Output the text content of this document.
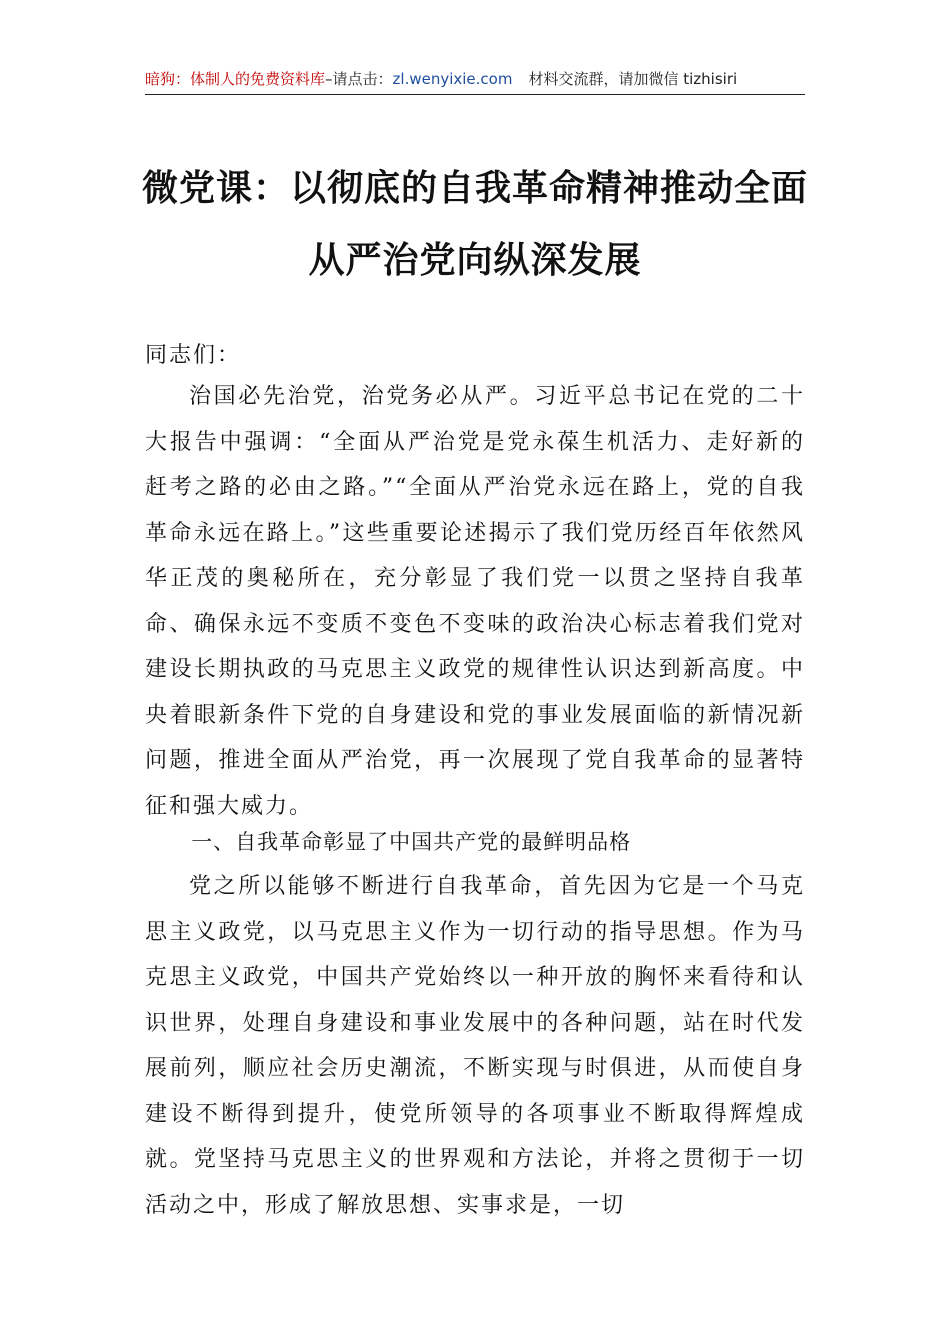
暗狗：体制人的免费资料库–请点击：zl.wenyixie.com 材料交流群，请加微信 tizhisiri
微党课：以彻底的自我革命精神推动全面
从严治党向纵深发展
同志们：

治国必先治党，治党务必从严。习近平总书记在党的二十大报告中强调：“全面从严治党是党永葆生机活力、走好新的赶考之路的必由之路。”“全面从严治党永远在路上，党的自我革命永远在路上。”这些重要论述揭示了我们党历经百年依然风华正茂的奥秘所在，充分彰显了我们党一以贯之坚持自我革命、确保永远不变质不变色不变味的政治决心标志着我们党对建设长期执政的马克思主义政党的规律性认识达到新高度。中央着眼新条件下党的自身建设和党的事业发展面临的新情况新问题，推进全面从严治党，再一次展现了党自我革命的显著特征和强大威力。

一、自我革命彰显了中国共产党的最鲜明品格

党之所以能够不断进行自我革命，首先因为它是一个马克思主义政党，以马克思主义作为一切行动的指导思想。作为马克思主义政党，中国共产党始终以一种开放的胸怀来看待和认识世界，处理自身建设和事业发展中的各种问题，站在时代发展前列，顺应社会历史潮流，不断实现与时俱进，从而使自身建设不断得到提升，使党所领导的各项事业不断取得辉煌成就。党坚持马克思主义的世界观和方法论，并将之贯彻于一切活动之中，形成了解放思想、实事求是，一切
